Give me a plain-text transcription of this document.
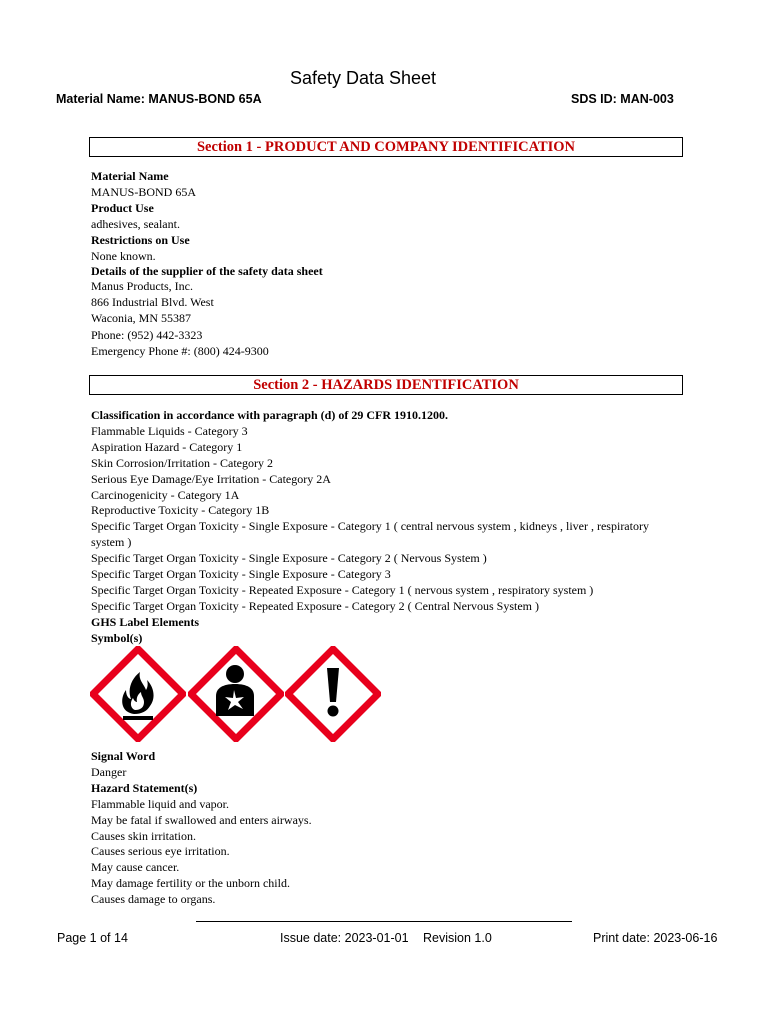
Safety Data Sheet
Material Name: MANUS-BOND 65A	SDS ID: MAN-003
Section 1 - PRODUCT AND COMPANY IDENTIFICATION
Material Name
MANUS-BOND 65A
Product Use
adhesives, sealant.
Restrictions on Use
None known.
Details of the supplier of the safety data sheet
Manus Products, Inc.
866 Industrial Blvd. West
Waconia, MN 55387
Phone: (952) 442-3323
Emergency Phone #: (800) 424-9300
Section 2 - HAZARDS IDENTIFICATION
Classification in accordance with paragraph (d) of 29 CFR 1910.1200.
Flammable Liquids - Category 3
Aspiration Hazard - Category 1
Skin Corrosion/Irritation - Category 2
Serious Eye Damage/Eye Irritation - Category 2A
Carcinogenicity - Category 1A
Reproductive Toxicity - Category 1B
Specific Target Organ Toxicity - Single Exposure - Category 1 ( central nervous system , kidneys , liver , respiratory
system )
Specific Target Organ Toxicity - Single Exposure - Category 2 ( Nervous System )
Specific Target Organ Toxicity - Single Exposure - Category 3
Specific Target Organ Toxicity - Repeated Exposure - Category 1 ( nervous system , respiratory system )
Specific Target Organ Toxicity - Repeated Exposure - Category 2 ( Central Nervous System )
GHS Label Elements
Symbol(s)
Signal Word
Danger
Hazard Statement(s)
Flammable liquid and vapor.
May be fatal if swallowed and enters airways.
Causes skin irritation.
Causes serious eye irritation.
May cause cancer.
May damage fertility or the unborn child.
Causes damage to organs.
Page 1 of 14	Issue date: 2023-01-01 Revision 1.0	Print date: 2023-06-16
